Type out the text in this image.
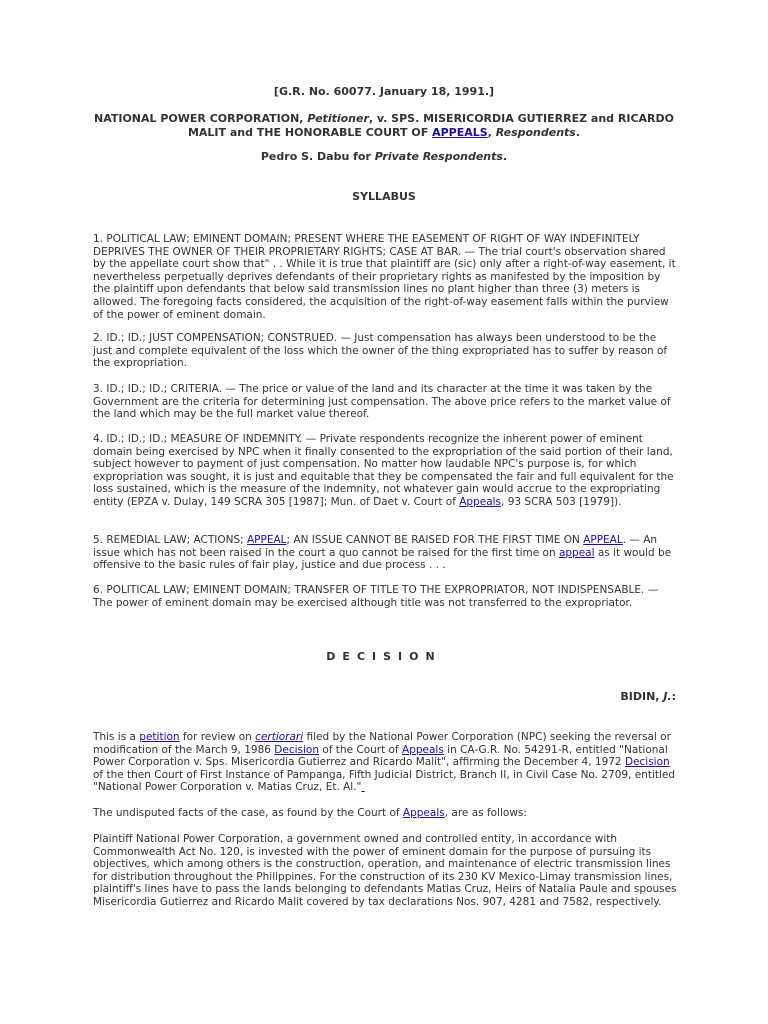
[G.R. No. 60077. January 18, 1991.]

NATIONAL POWER CORPORATION, Petitioner, v. SPS. MISERICORDIA GUTIERREZ and RICARDO MALIT and THE HONORABLE COURT OF APPEALS, Respondents.

Pedro S. Dabu for Private Respondents.

SYLLABUS

1. POLITICAL LAW; EMINENT DOMAIN; PRESENT WHERE THE EASEMENT OF RIGHT OF WAY INDEFINITELY DEPRIVES THE OWNER OF THEIR PROPRIETARY RIGHTS; CASE AT BAR. — The trial court's observation shared by the appellate court show that" . . While it is true that plaintiff are (sic) only after a right-of-way easement, it nevertheless perpetually deprives defendants of their proprietary rights as manifested by the imposition by the plaintiff upon defendants that below said transmission lines no plant higher than three (3) meters is allowed. The foregoing facts considered, the acquisition of the right-of-way easement falls within the purview of the power of eminent domain.

2. ID.; ID.; JUST COMPENSATION; CONSTRUED. — Just compensation has always been understood to be the just and complete equivalent of the loss which the owner of the thing expropriated has to suffer by reason of the expropriation.

3. ID.; ID.; ID.; CRITERIA. — The price or value of the land and its character at the time it was taken by the Government are the criteria for determining just compensation. The above price refers to the market value of the land which may be the full market value thereof.

4. ID.; ID.; ID.; MEASURE OF INDEMNITY. — Private respondents recognize the inherent power of eminent domain being exercised by NPC when it finally consented to the expropriation of the said portion of their land, subject however to payment of just compensation. No matter how laudable NPC's purpose is, for which expropriation was sought, it is just and equitable that they be compensated the fair and full equivalent for the loss sustained, which is the measure of the indemnity, not whatever gain would accrue to the expropriating entity (EPZA v. Dulay, 149 SCRA 305 [1987]; Mun. of Daet v. Court of Appeals, 93 SCRA 503 [1979]).

5. REMEDIAL LAW; ACTIONS; APPEAL; AN ISSUE CANNOT BE RAISED FOR THE FIRST TIME ON APPEAL. — An issue which has not been raised in the court a quo cannot be raised for the first time on appeal as it would be offensive to the basic rules of fair play, justice and due process . . .

6. POLITICAL LAW; EMINENT DOMAIN; TRANSFER OF TITLE TO THE EXPROPRIATOR, NOT INDISPENSABLE. — The power of eminent domain may be exercised although title was not transferred to the expropriator.

DECISION
BIDIN, J.:

This is a petition for review on certiorari filed by the National Power Corporation (NPC) seeking the reversal or modification of the March 9, 1986 Decision of the Court of Appeals in CA-G.R. No. 54291-R, entitled "National Power Corporation v. Sps. Misericordia Gutierrez and Ricardo Malit", affirming the December 4, 1972 Decision of the then Court of First Instance of Pampanga, Fifth Judicial District, Branch II, in Civil Case No. 2709, entitled "National Power Corporation v. Matias Cruz, Et. Al."

The undisputed facts of the case, as found by the Court of Appeals, are as follows:

Plaintiff National Power Corporation, a government owned and controlled entity, in accordance with Commonwealth Act No. 120, is invested with the power of eminent domain for the purpose of pursuing its objectives, which among others is the construction, operation, and maintenance of electric transmission lines for distribution throughout the Philippines. For the construction of its 230 KV Mexico-Limay transmission lines, plaintiff's lines have to pass the lands belonging to defendants Matias Cruz, Heirs of Natalia Paule and spouses Misericordia Gutierrez and Ricardo Malit covered by tax declarations Nos. 907, 4281 and 7582, respectively.
